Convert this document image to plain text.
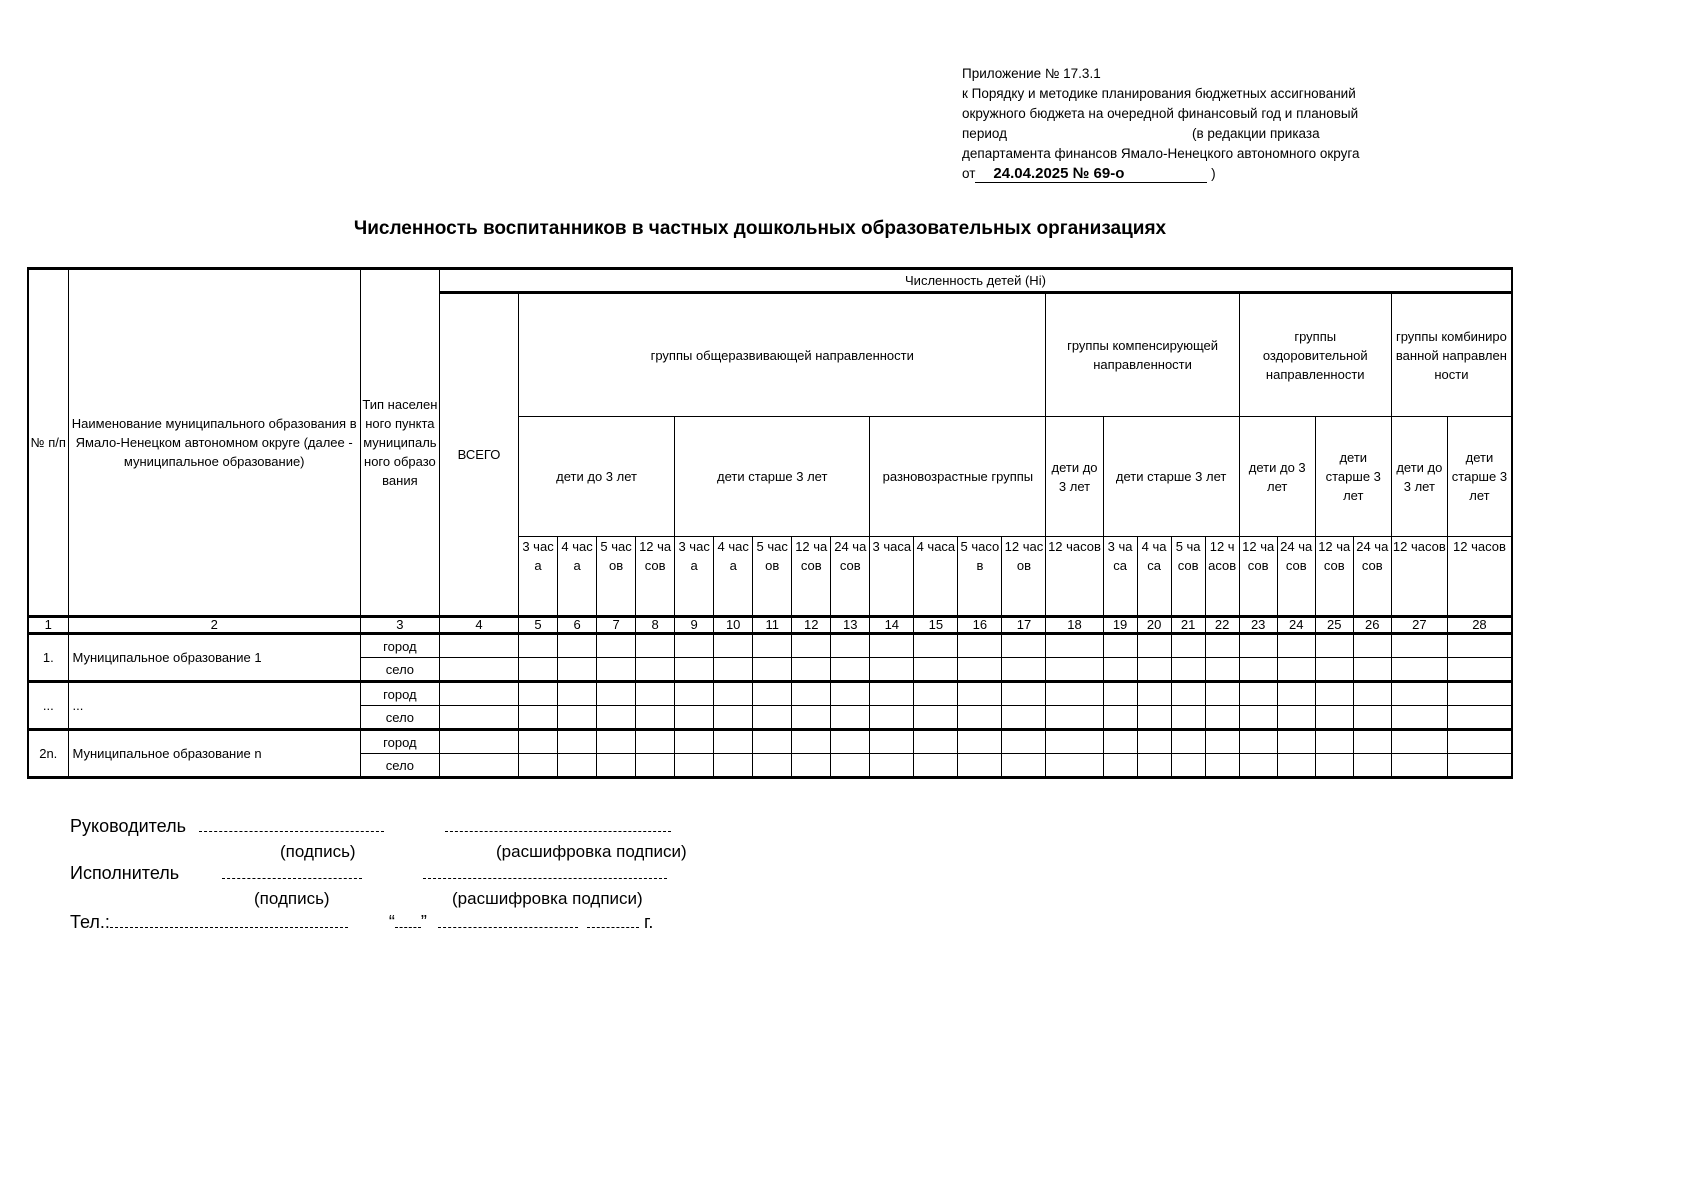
Приложение № 17.3.1
к Порядку и методике планирования бюджетных ассигнований
окружного бюджета на очередной финансовый год и плановый
период	(в редакции приказа
департамента финансов Ямало-Ненецкого автономного округа
от 24.04.2025 № 69-о	)
Численность воспитанников в частных дошкольных образовательных организациях
№ п/п	Наименование муниципального образования в Ямало-Ненецком автономном округе (далее - муниципальное образование)	Тип населенного пункта муниципального образования	Численность детей (Нi)																								
			ВСЕГО	группы общеразвивающей направленности													группы компенсирующей направленности					группы оздоровительной направленности				группы комбинированной направленности	
				дети до 3 лет				дети старше 3 лет					разновозрастные группы				дети до 3 лет	дети старше 3 лет				дети до 3 лет		дети старше 3 лет		дети до 3 лет	дети старше 3 лет
				3 часа	4 часа	5 часов	12 часов	3 часа	4 часа	5 часов	12 часов	24 часов	3 часа	4 часа	5 часов	12 часов	12 часов	3 часа	4 часа	5 часов	12 часов	12 часов	24 часов	12 часов	24 часов	12 часов	12 часов
1	2	3	4	5	6	7	8	9	10	11	12	13	14	15	16	17	18	19	20	21	22	23	24	25	26	27	28
1.	Муниципальное образование 1	город																									
		село																									
...	...	город																									
		село																									
2n.	Муниципальное образование n	город																									
		село																									
Руководитель
(подпись)	(расшифровка подписи)
Исполнитель
(подпись)	(расшифровка подписи)
Тел.:	“ ”	г.
